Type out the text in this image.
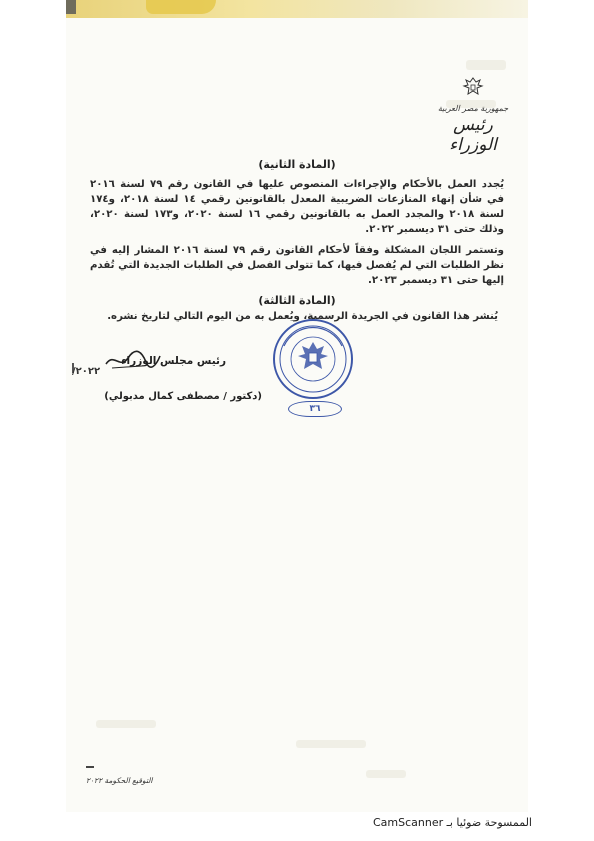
جمهورية مصر العربية
رئيس الوزراء
(المادة الثانية)

يُجدد العمل بالأحكام والإجراءات المنصوص عليها في القانون رقم ٧٩ لسنة ٢٠١٦ في شأن إنهاء المنازعات الضريبية المعدل بالقانونين رقمي ١٤ لسنة ٢٠١٨، و١٧٤ لسنة ٢٠١٨ والمجدد العمل به بالقانونين رقمي ١٦ لسنة ٢٠٢٠، و١٧٣ لسنة ٢٠٢٠، وذلك حتى ٣١ ديسمبر ٢٠٢٢.

وتستمر اللجان المشكلة وفقاً لأحكام القانون رقم ٧٩ لسنة ٢٠١٦ المشار إليه في نظر الطلبات التي لم يُفصل فيها، كما تتولى الفصل في الطلبات الجديدة التي تُقدم إليها حتى ٣١ ديسمبر ٢٠٢٣.

(المادة الثالثة)

يُنشر هذا القانون في الجريدة الرسمية، ويُعمل به من اليوم التالي لتاريخ نشره.

رئيس مجلس الوزراء
(دكتور / مصطفى كمال مدبولي)
٣٦
٢٠٢٢/
التوقيع الحكومة ٢٠٢٢
الممسوحة ضوئيا بـ CamScanner
